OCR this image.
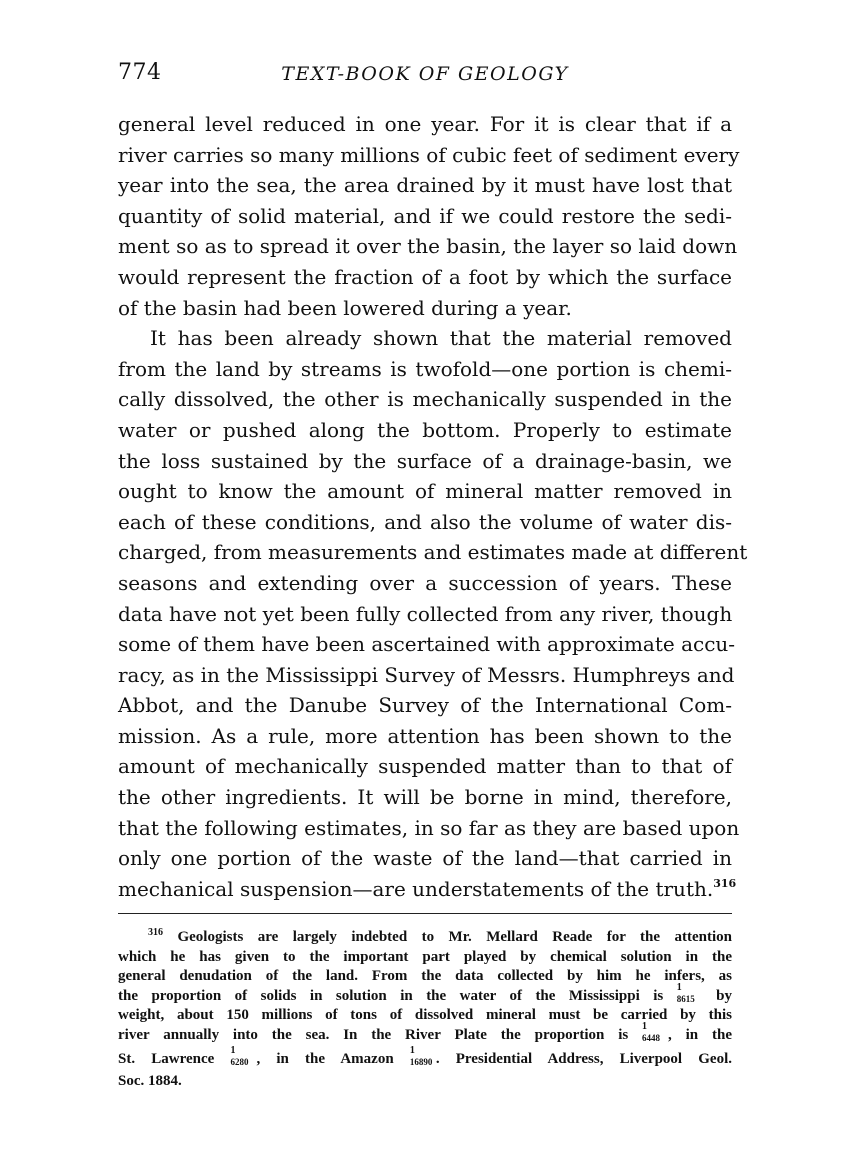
774	TEXT-BOOK OF GEOLOGY
general level reduced in one year. For it is clear that if a
river carries so many millions of cubic feet of sediment every
year into the sea, the area drained by it must have lost that
quantity of solid material, and if we could restore the sedi-
ment so as to spread it over the basin, the layer so laid down
would represent the fraction of a foot by which the surface
of the basin had been lowered during a year.
It has been already shown that the material removed
from the land by streams is twofold—one portion is chemi-
cally dissolved, the other is mechanically suspended in the
water or pushed along the bottom. Properly to estimate
the loss sustained by the surface of a drainage-basin, we
ought to know the amount of mineral matter removed in
each of these conditions, and also the volume of water dis-
charged, from measurements and estimates made at different
seasons and extending over a succession of years. These
data have not yet been fully collected from any river, though
some of them have been ascertained with approximate accu-
racy, as in the Mississippi Survey of Messrs. Humphreys and
Abbot, and the Danube Survey of the International Com-
mission. As a rule, more attention has been shown to the
amount of mechanically suspended matter than to that of
the other ingredients. It will be borne in mind, therefore,
that the following estimates, in so far as they are based upon
only one portion of the waste of the land—that carried in
mechanical suspension—are understatements of the truth.$^{316}$
$^{316}$ Geologists are largely indebted to Mr. Mellard Reade for the attention
which he has given to the important part played by chemical solution in the
general denudation of the land. From the data collected by him he infers, as
the proportion of solids in solution in the water of the Mississippi is
1
8615	by
weight, about 150 millions of tons of dissolved mineral must be carried by this
river annually into the sea. In the River Plate the proportion is
1
6448 , in the
St. Lawrence
1
6280 , in the Amazon
1
16890 . Presidential Address, Liverpool Geol.
Soc. 1884.
